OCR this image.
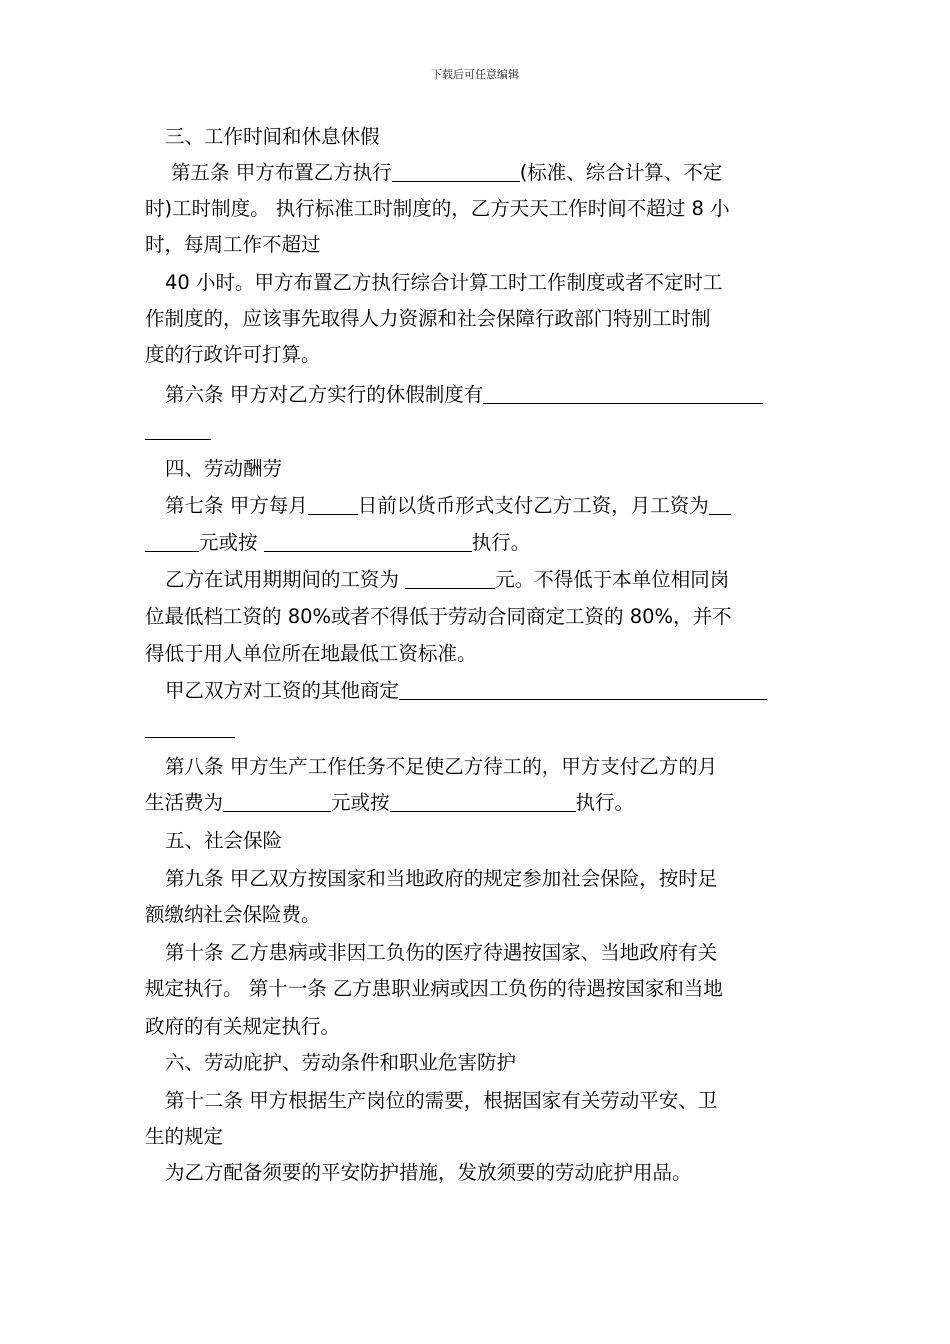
下载后可任意编辑
三、工作时间和休息休假
第五条 甲方布置乙方执行	(标准、综合计算、不定
时)工时制度。 执行标准工时制度的，乙方天天工作时间不超过 8 小
时，每周工作不超过
40 小时。甲方布置乙方执行综合计算工时工作制度或者不定时工
作制度的，应该事先取得人力资源和社会保障行政部门特别工时制
度的行政许可打算。
第六条 甲方对乙方实行的休假制度有
四、劳动酬劳
第七条 甲方每月	日前以货币形式支付乙方工资，月工资为
元或按	执行。
乙方在试用期期间的工资为	元。不得低于本单位相同岗
位最低档工资的 80%或者不得低于劳动合同商定工资的 80%，并不
得低于用人单位所在地最低工资标准。
甲乙双方对工资的其他商定
第八条 甲方生产工作任务不足使乙方待工的，甲方支付乙方的月
生活费为	元或按	执行。
五、社会保险
第九条 甲乙双方按国家和当地政府的规定参加社会保险，按时足
额缴纳社会保险费。
第十条 乙方患病或非因工负伤的医疗待遇按国家、当地政府有关
规定执行。 第十一条 乙方患职业病或因工负伤的待遇按国家和当地
政府的有关规定执行。
六、劳动庇护、劳动条件和职业危害防护
第十二条 甲方根据生产岗位的需要，根据国家有关劳动平安、卫
生的规定
为乙方配备须要的平安防护措施，发放须要的劳动庇护用品。
